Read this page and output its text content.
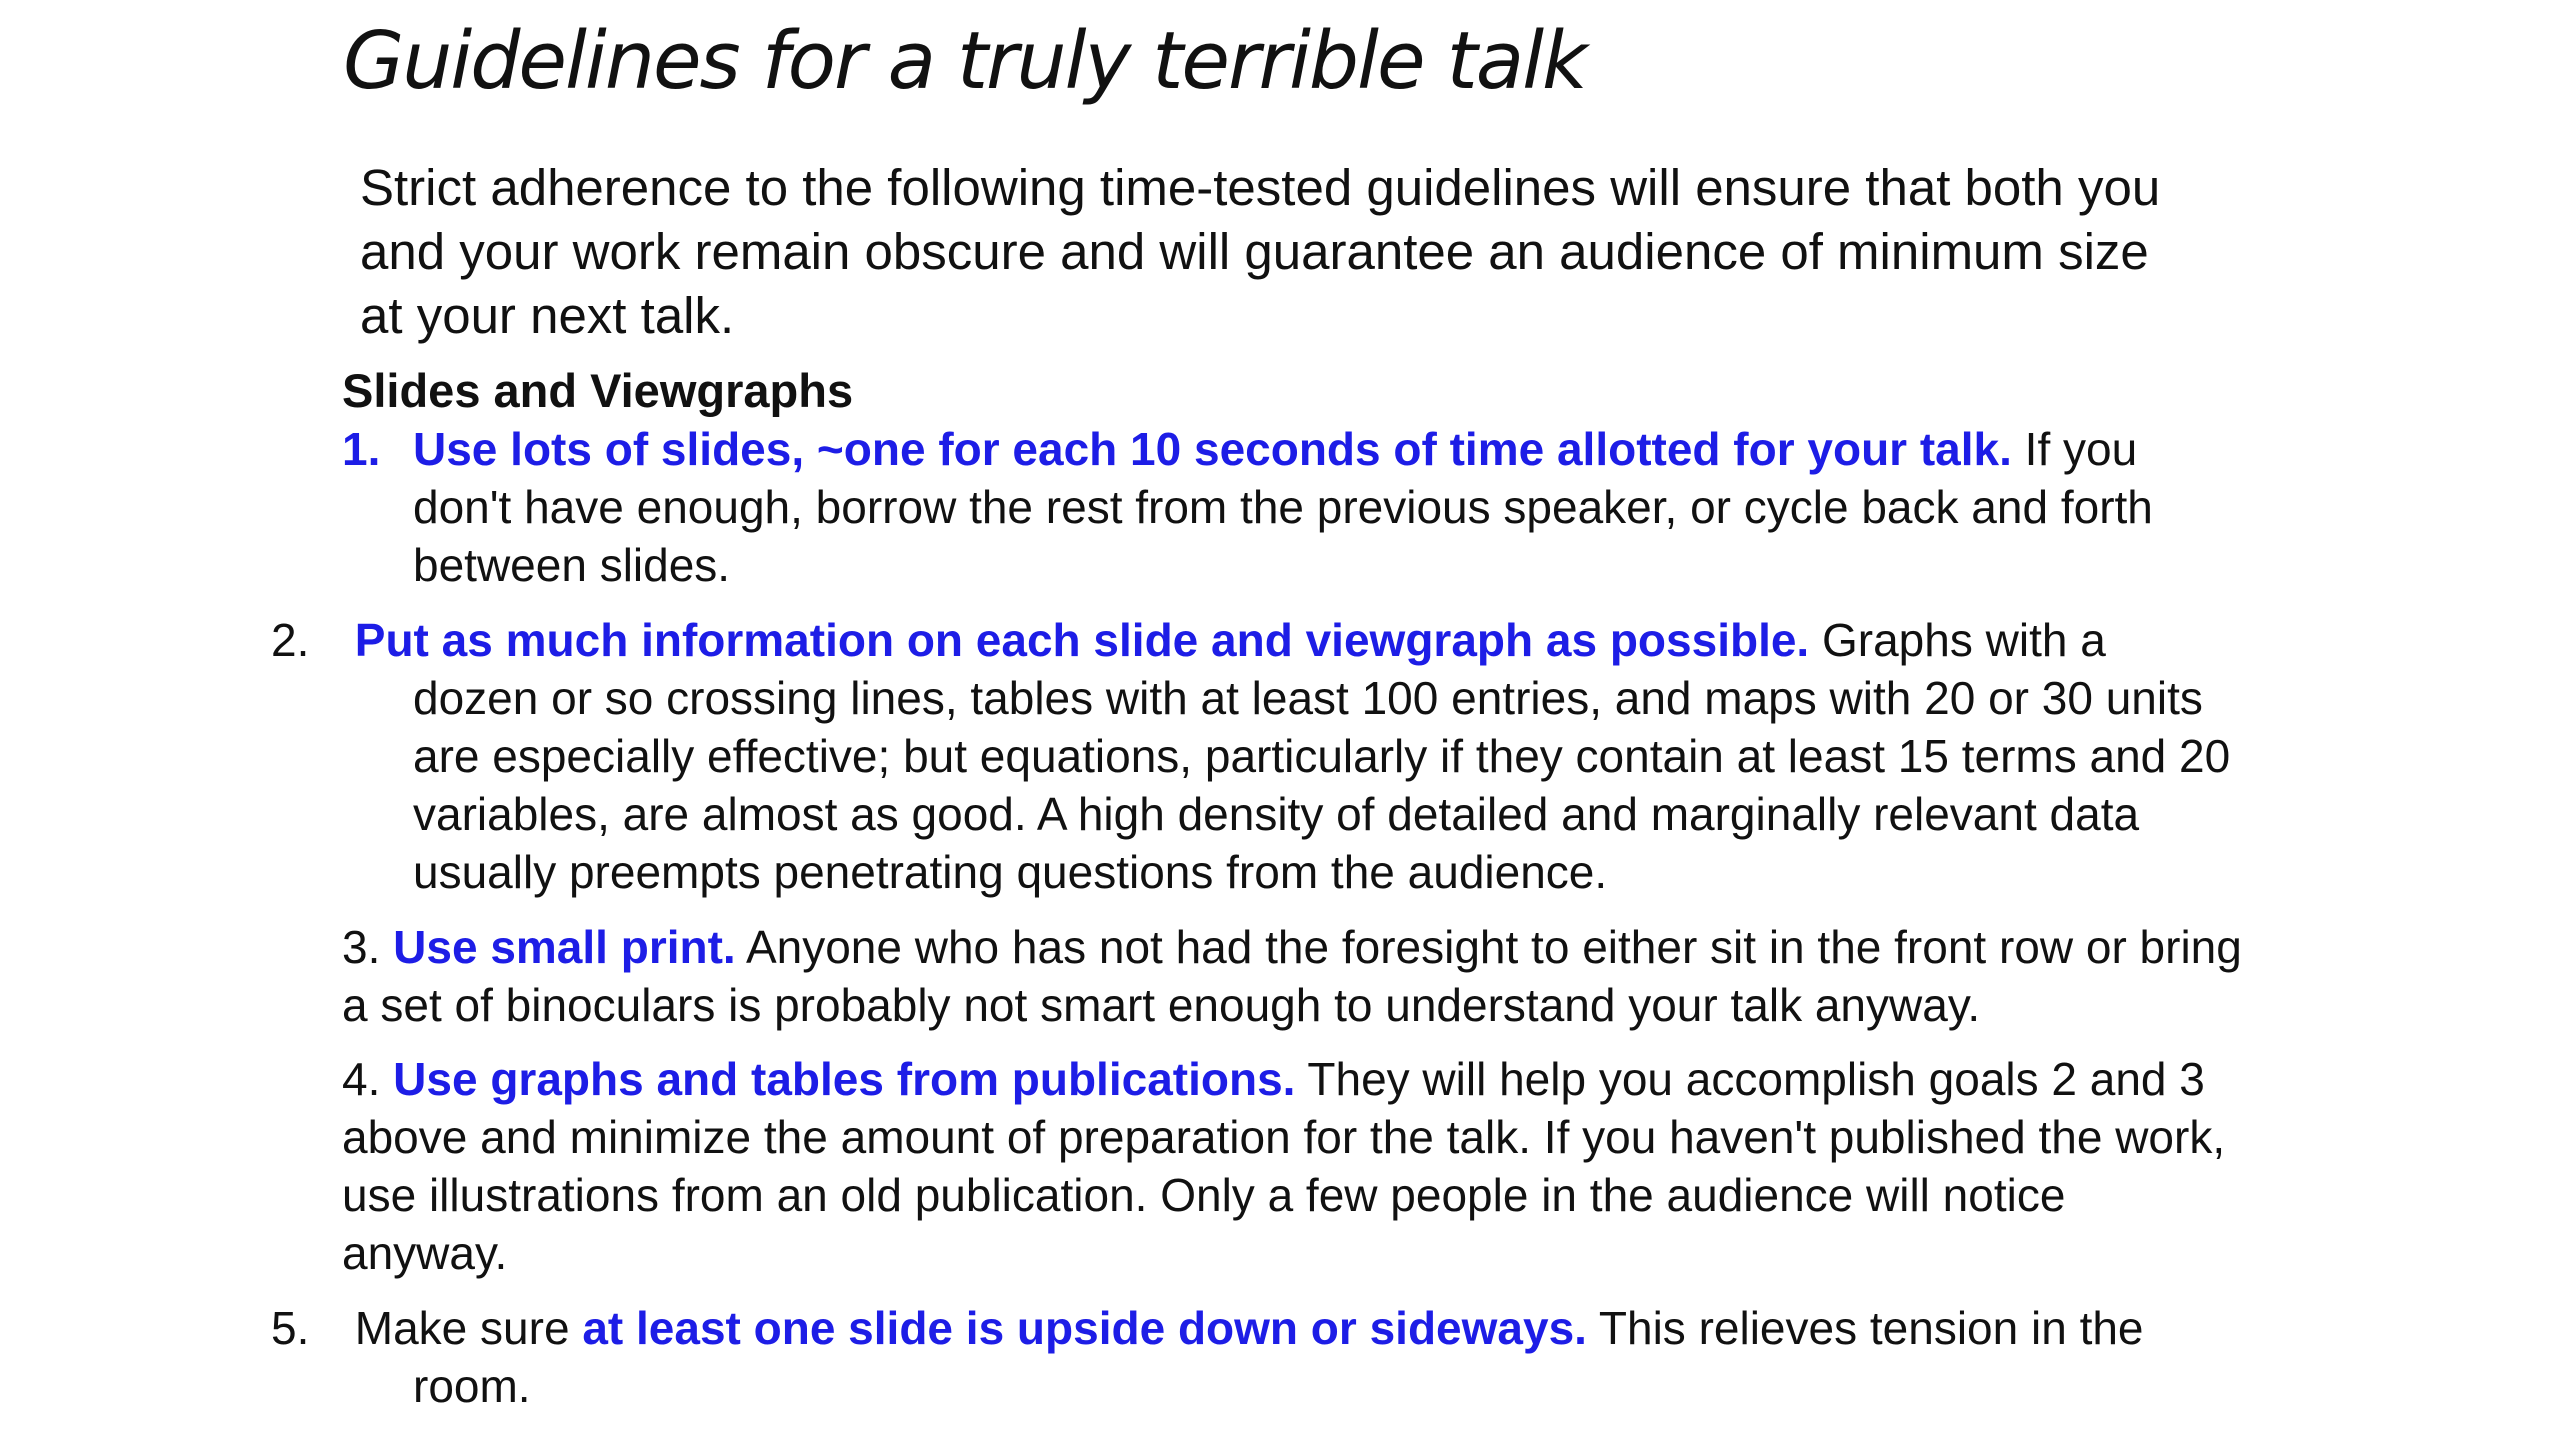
Guidelines for a truly terrible talk

Strict adherence to the following time-tested guidelines will ensure that both you and your work remain obscure and will guarantee an audience of minimum size at your next talk.

Slides and Viewgraphs

1. Use lots of slides, ~one for each 10 seconds of time allotted for your talk. If you don't have enough, borrow the rest from the previous speaker, or cycle back and forth between slides.

2. Put as much information on each slide and viewgraph as possible. Graphs with a dozen or so crossing lines, tables with at least 100 entries, and maps with 20 or 30 units are especially effective; but equations, particularly if they contain at least 15 terms and 20 variables, are almost as good. A high density of detailed and marginally relevant data usually preempts penetrating questions from the audience.

3. Use small print. Anyone who has not had the foresight to either sit in the front row or bring a set of binoculars is probably not smart enough to understand your talk anyway.

4. Use graphs and tables from publications. They will help you accomplish goals 2 and 3 above and minimize the amount of preparation for the talk. If you haven't published the work, use illustrations from an old publication. Only a few people in the audience will notice anyway.

5. Make sure at least one slide is upside down or sideways. This relieves tension in the room.
